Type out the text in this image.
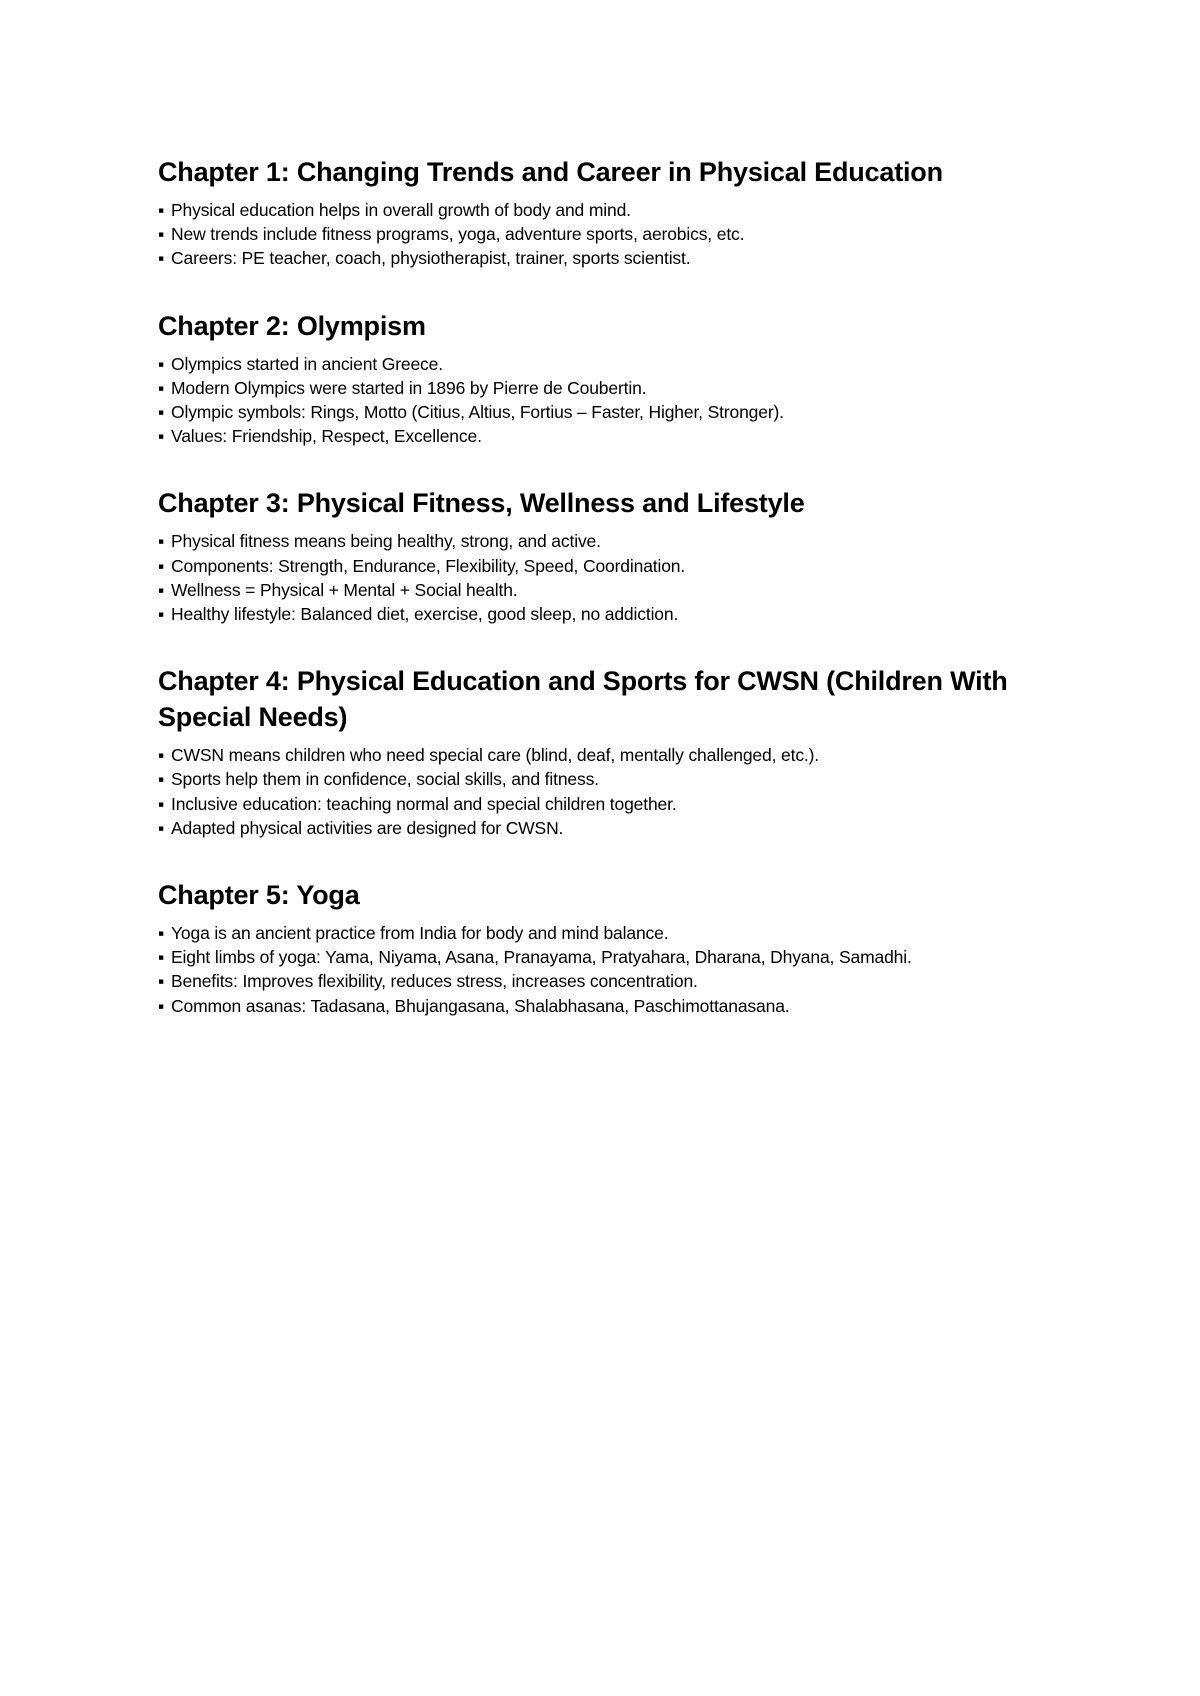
Chapter 1: Changing Trends and Career in Physical Education
▪ Physical education helps in overall growth of body and mind.
▪ New trends include fitness programs, yoga, adventure sports, aerobics, etc.
▪ Careers: PE teacher, coach, physiotherapist, trainer, sports scientist.
Chapter 2: Olympism
▪ Olympics started in ancient Greece.
▪ Modern Olympics were started in 1896 by Pierre de Coubertin.
▪ Olympic symbols: Rings, Motto (Citius, Altius, Fortius – Faster, Higher, Stronger).
▪ Values: Friendship, Respect, Excellence.
Chapter 3: Physical Fitness, Wellness and Lifestyle
▪ Physical fitness means being healthy, strong, and active.
▪ Components: Strength, Endurance, Flexibility, Speed, Coordination.
▪ Wellness = Physical + Mental + Social health.
▪ Healthy lifestyle: Balanced diet, exercise, good sleep, no addiction.
Chapter 4: Physical Education and Sports for CWSN (Children With Special Needs)
▪ CWSN means children who need special care (blind, deaf, mentally challenged, etc.).
▪ Sports help them in confidence, social skills, and fitness.
▪ Inclusive education: teaching normal and special children together.
▪ Adapted physical activities are designed for CWSN.
Chapter 5: Yoga
▪ Yoga is an ancient practice from India for body and mind balance.
▪ Eight limbs of yoga: Yama, Niyama, Asana, Pranayama, Pratyahara, Dharana, Dhyana, Samadhi.
▪ Benefits: Improves flexibility, reduces stress, increases concentration.
▪ Common asanas: Tadasana, Bhujangasana, Shalabhasana, Paschimottanasana.
